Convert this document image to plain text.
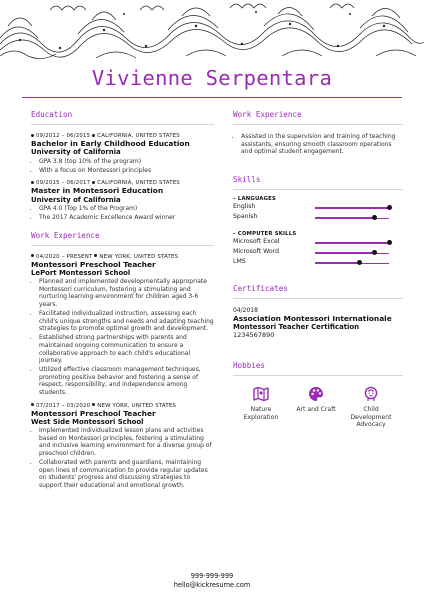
Vivienne Serpentara
Education
09/2012 – 06/2015 CALIFORNIA, UNITED STATES
Bachelor in Early Childhood Education
University of California
• GPA 3.8 (top 10% of the program)
• With a focus on Montessori principles
09/2015 – 06/2017 CALIFORNIA, UNITED STATES
Master in Montessori Education
University of California
• GPA 4.0 (Top 1% of the Program)
• The 2017 Academic Excellence Award winner
Work Experience
04/2020 – PRESENT NEW YORK, UNITED STATES
Montessori Preschool Teacher
LePort Montessori School
• Planned and implemented developmentally appropriate Montessori curriculum, fostering a stimulating and nurturing learning environment for children aged 3-6 years.
• Facilitated individualized instruction, assessing each child's unique strengths and needs and adapting teaching strategies to promote optimal growth and development.
• Established strong partnerships with parents and maintained ongoing communication to ensure a collaborative approach to each child's educational journey.
• Utilized effective classroom management techniques, promoting positive behavior and fostering a sense of respect, responsibility, and independence among students.
07/2017 – 03/2020 NEW YORK, UNITED STATES
Montessori Preschool Teacher
West Side Montessori School
• Implemented individualized lesson plans and activities based on Montessori principles, fostering a stimulating and inclusive learning environment for a diverse group of preschool children.
• Collaborated with parents and guardians, maintaining open lines of communication to provide regular updates on students' progress and discussing strategies to support their educational and emotional growth.
Work Experience
• Assisted in the supervision and training of teaching assistants, ensuring smooth classroom operations and optimal student engagement.
Skills
– LANGUAGES
English
Spanish
– COMPUTER SKILLS
Microsoft Excel
Microsoft Word
LMS
Certificates
04/2018
Association Montessori Internationale
Montessori Teacher Certification
1234567890
Hobbies
Nature Exploration
Art and Craft	Child Development Advocacy
999-999-999
hello@kickresume.com
